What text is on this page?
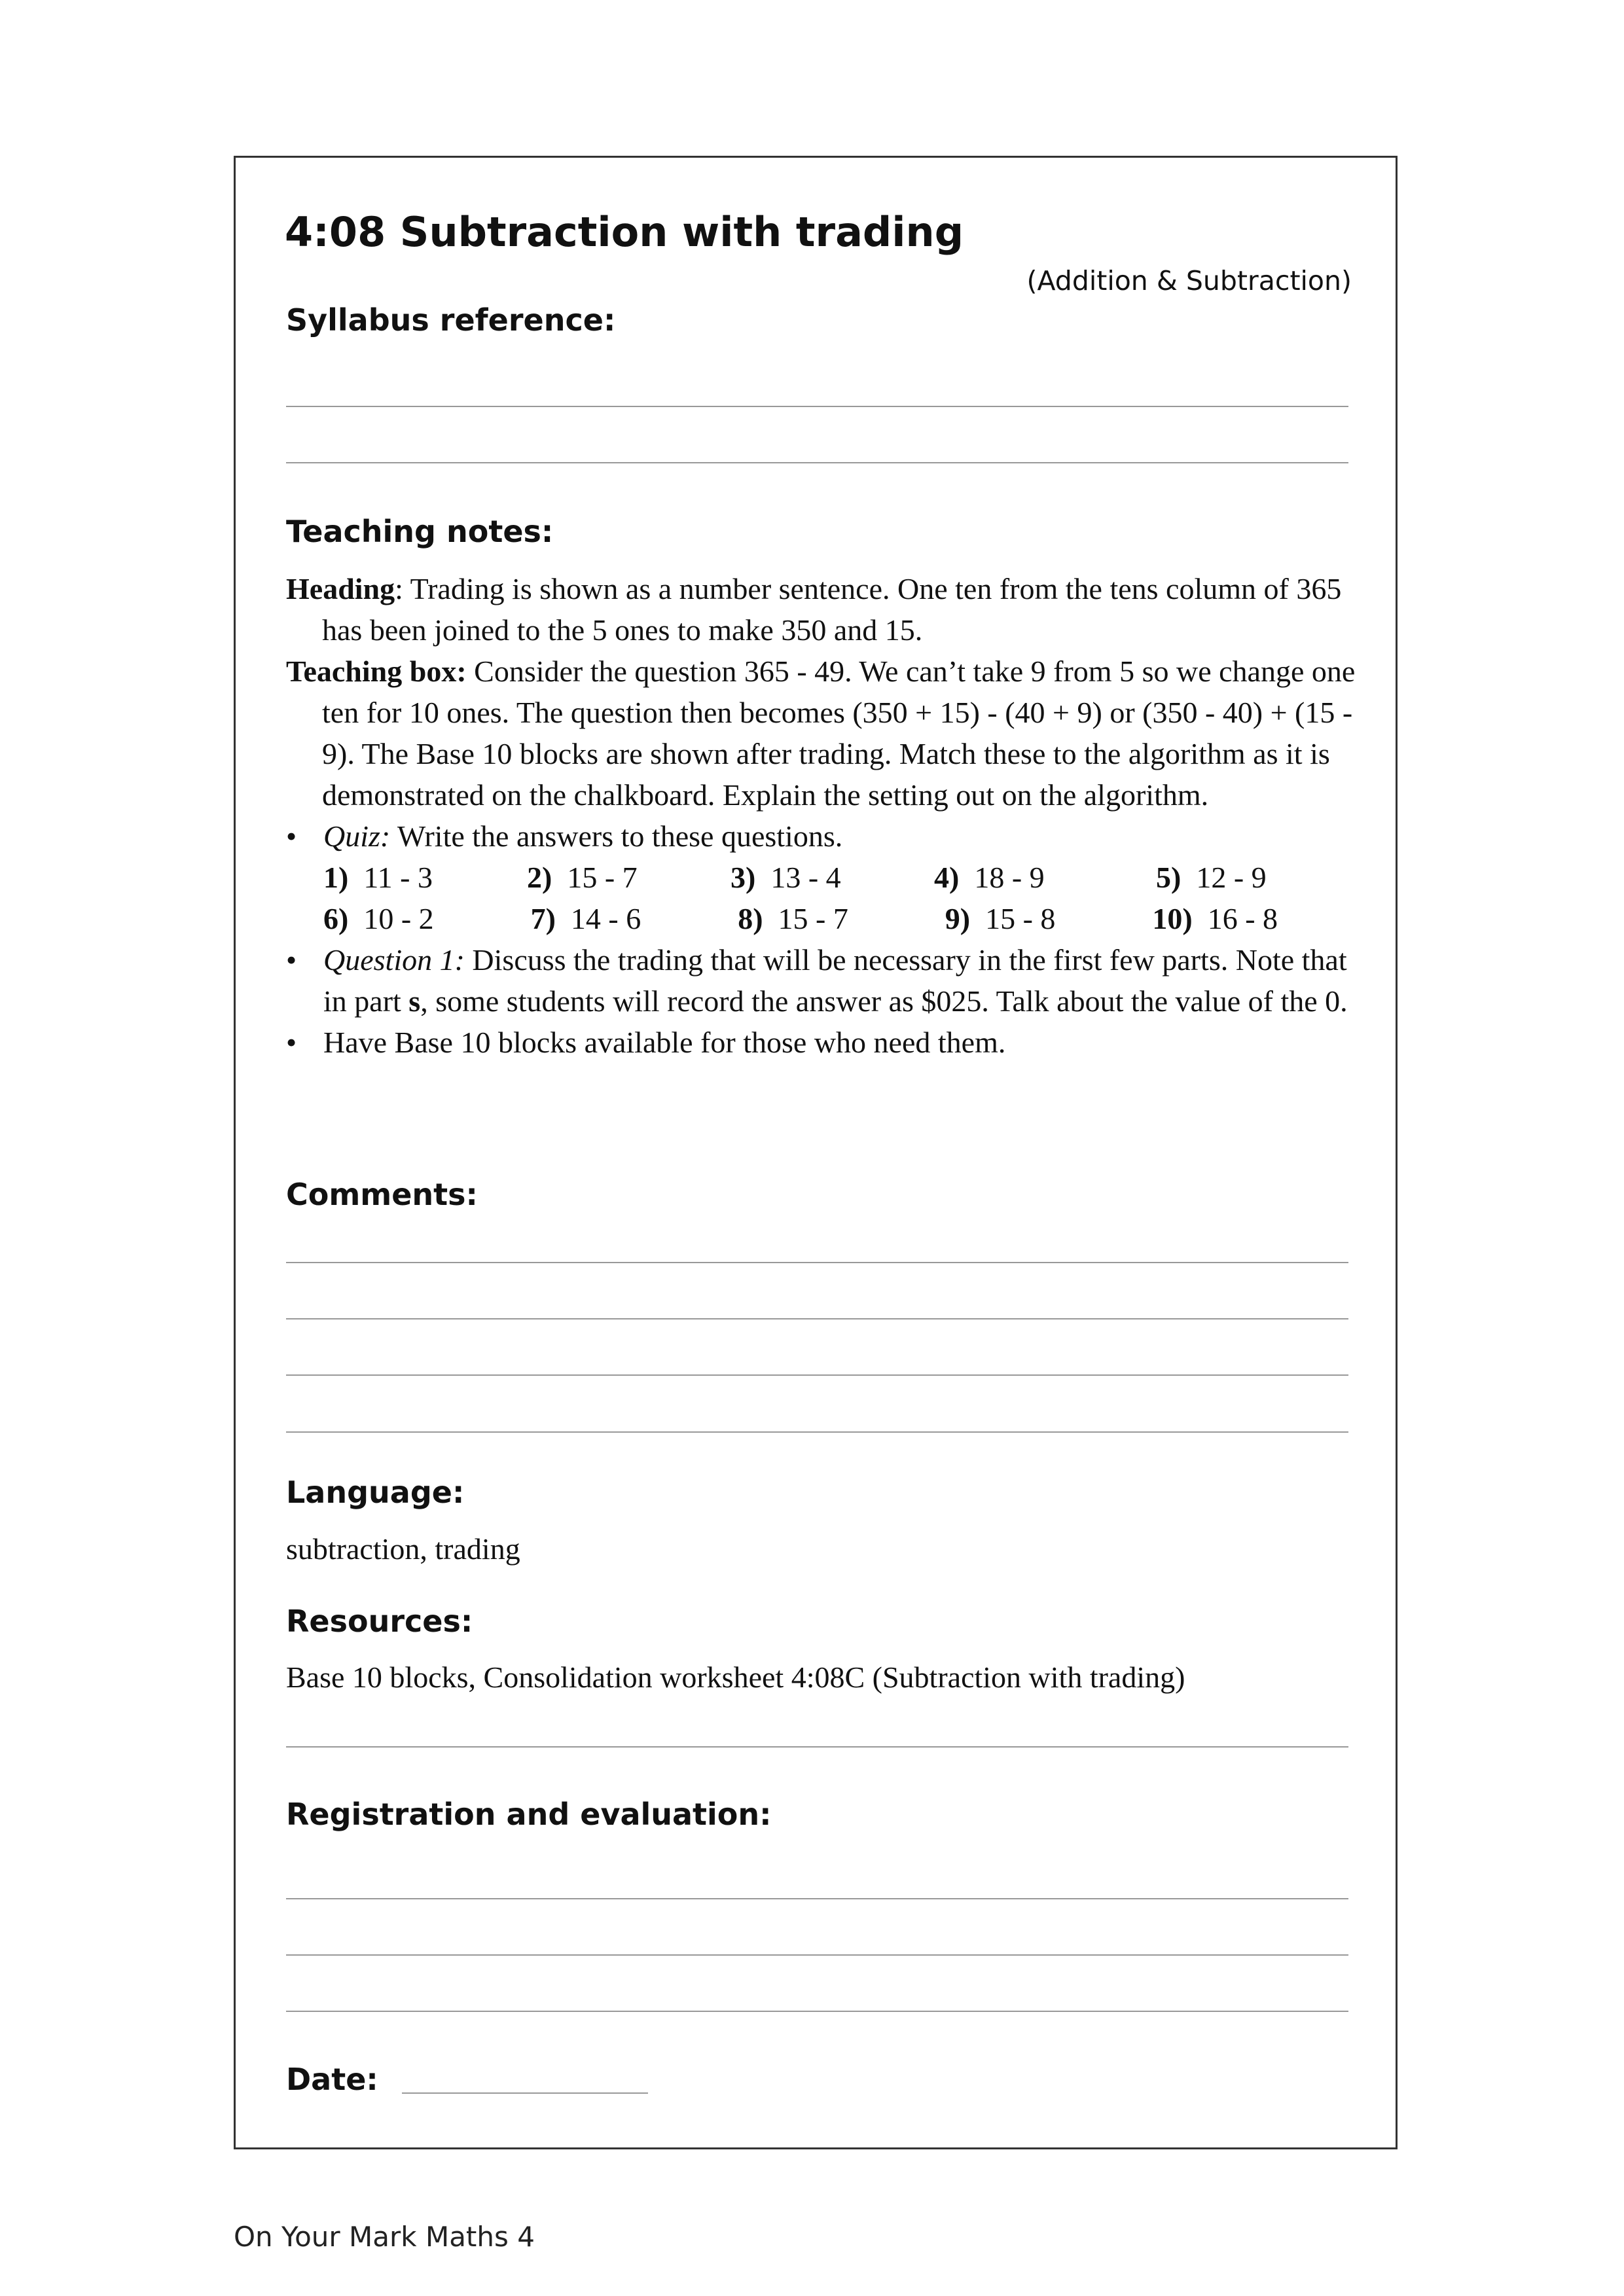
4:08 Subtraction with trading
(Addition & Subtraction)
Syllabus reference:
Teaching notes:

Heading: Trading is shown as a number sentence. One ten from the tens column of 365 has been joined to the 5 ones to make 350 and 15.

Teaching box: Consider the question 365 - 49. We can’t take 9 from 5 so we change one ten for 10 ones. The question then becomes (350 + 15) - (40 + 9) or (350 - 40) + (15 - 9). The Base 10 blocks are shown after trading. Match these to the algorithm as it is demonstrated on the chalkboard. Explain the setting out on the algorithm.

• Quiz: Write the answers to these questions.

1) 11 - 3	2) 15 - 7	3) 13 - 4	4) 18 - 9	5) 12 - 9
6) 10 - 2	7) 14 - 6	8) 15 - 7	9) 15 - 8	10) 16 - 8

• Question 1: Discuss the trading that will be necessary in the first few parts. Note that in part s, some students will record the answer as $025. Talk about the value of the 0.

• Have Base 10 blocks available for those who need them.

Comments:
Language:
subtraction, trading
Resources:
Base 10 blocks, Consolidation worksheet 4:08C (Subtraction with trading)
Registration and evaluation:
Date:
On Your Mark Maths 4
